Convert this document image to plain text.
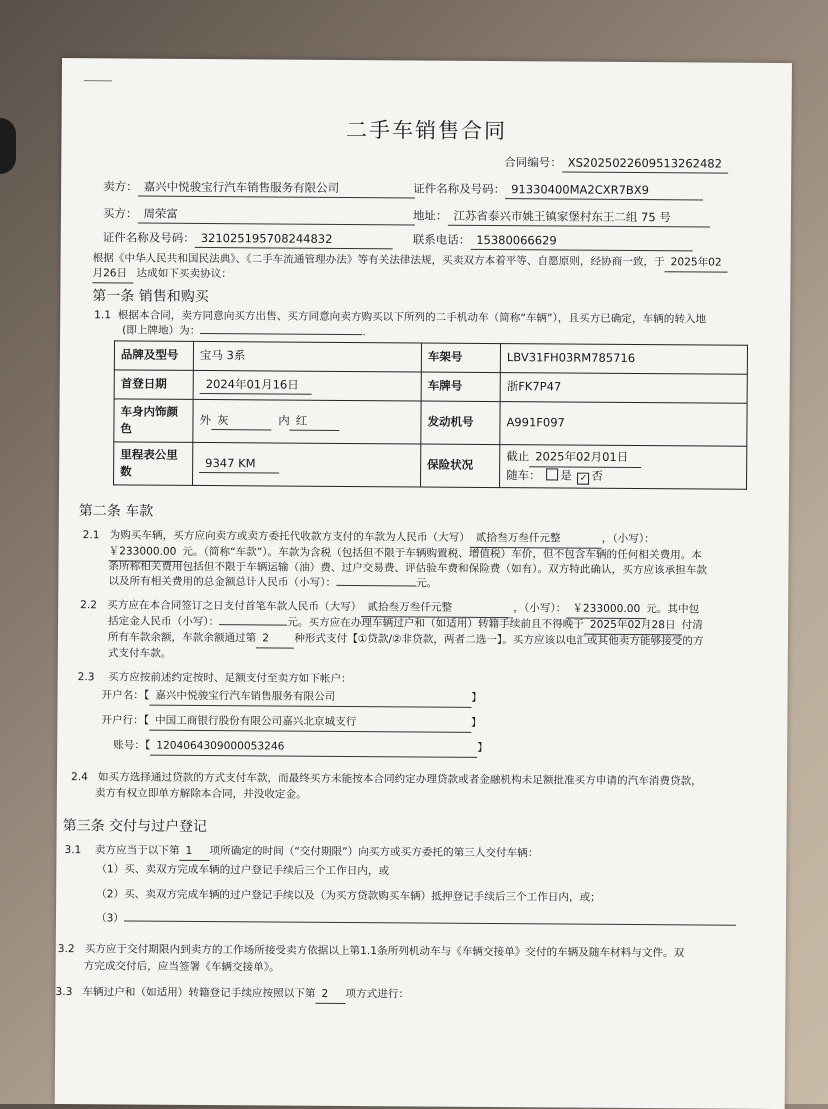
二手车销售合同
合同编号： XS2025022609513262482
卖方： 嘉兴中悦骏宝行汽车销售服务有限公司	证件名称及号码： 91330400MA2CXR7BX9
买方： 周荣富	地址： 江苏省泰兴市姚王镇家堡村东王二组 75 号
证件名称及号码： 321025195708244832	联系电话： 15380066629
根据《中华人民共和国民法典》、《二手车流通管理办法》等有关法律法规，买卖双方本着平等、自愿原则，经协商一致，于 2025年02
月26日 达成如下买卖协议：
第一条 销售和购买
1.1 根据本合同，卖方同意向买方出售、买方同意向卖方购买以下所列的二手机动车（简称“车辆”），且买方已确定，车辆的转入地
(即上牌地）为：	.
品牌及型号	宝马 3系	车架号	LBV31FH03RM785716
首登日期	2024年01月16日	车牌号	浙FK7P47
车身内饰颜色	外 灰 内 红	发动机号	A991F097
里程表公里数	9347 KM	保险状况	截止 2025年02月01日
随车： 是 ✓ 否
第二条 车款
2.1 为购买车辆，买方应向卖方或卖方委托代收款方支付的车款为人民币（大写） 贰拾叁万叁仟元整	，（小写）：
￥233000.00 元。（简称“车款”）。车款为含税（包括但不限于车辆购置税、增值税）车价，但不包含车辆的任何相关费用。本
条所称相关费用包括但不限于车辆运输（油）费、过户交易费、评估验车费和保险费（如有）。双方特此确认，买方应该承担车款
以及所有相关费用的总金额总计人民币（小写）：	元。
2.2 买方应在本合同签订之日支付首笔车款人民币（大写） 贰拾叁万叁仟元整	，（小写）： ￥233000.00 元。其中包
括定金人民币（小写）：	元。买方应在办理车辆过户和（如适用）转籍手续前且不得晚于 2025年02月28日 付清
所有车款余额，车款余额通过第 2 种形式支付【①贷款/②非贷款，两者二选一】。买方应该以电汇或其他卖方能够接受的方
式支付车款。
2.3 买方应按前述约定按时、足额支付至卖方如下帐户：
开户名：【 嘉兴中悦骏宝行汽车销售服务有限公司	】
开户行：【 中国工商银行股份有限公司嘉兴北京城支行	】
账号：【 1204064309000053246	】
2.4 如买方选择通过贷款的方式支付车款，而最终买方未能按本合同约定办理贷款或者金融机构未足额批准买方申请的汽车消费贷款，
卖方有权立即单方解除本合同，并没收定金。
第三条 交付与过户登记
3.1 卖方应当于以下第 1 项所确定的时间（“交付期限”）向买方或买方委托的第三人交付车辆：
（1）买、卖双方完成车辆的过户登记手续后三个工作日内，或
（2）买、卖双方完成车辆的过户登记手续以及（为买方贷款购买车辆）抵押登记手续后三个工作日内，或；
（3）
3.2 买方应于交付期限内到卖方的工作场所接受卖方依据以上第1.1条所列机动车与《车辆交接单》交付的车辆及随车材料与文件。双
方完成交付后，应当签署《车辆交接单》。
3.3 车辆过户和（如适用）转籍登记手续应按照以下第 2 项方式进行：
